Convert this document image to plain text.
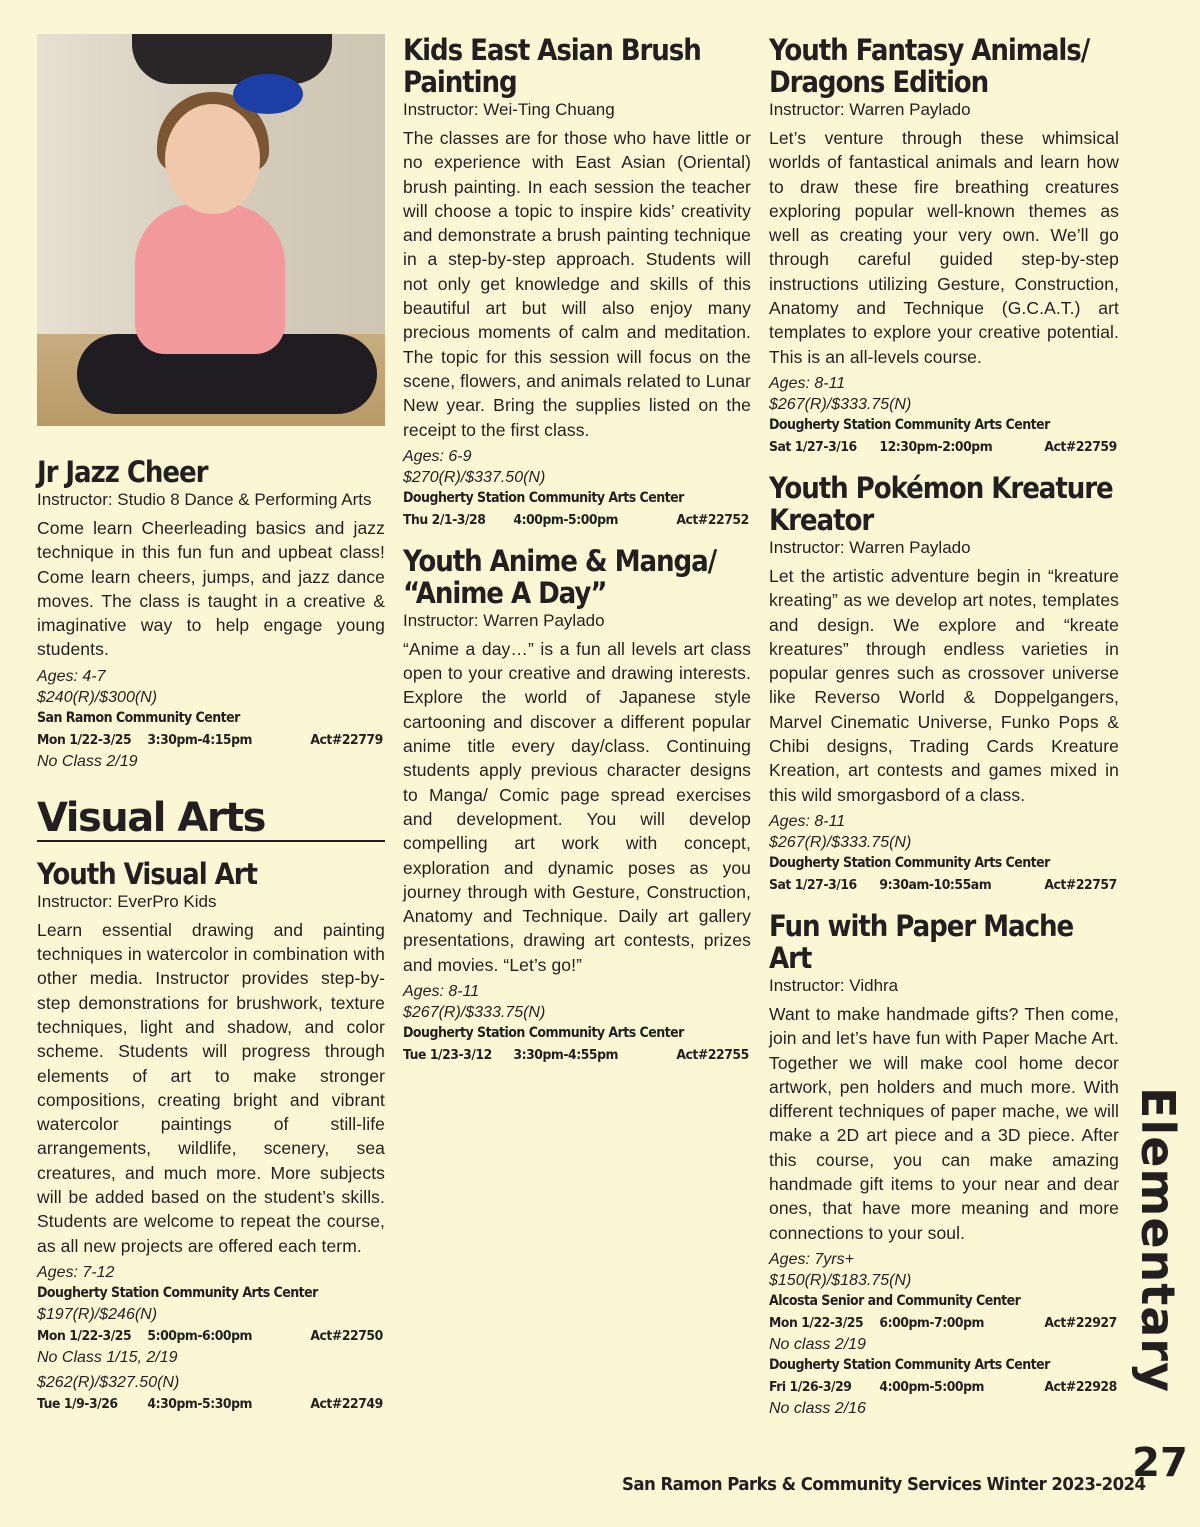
Jr Jazz Cheer
Instructor: Studio 8 Dance & Performing Arts

Come learn Cheerleading basics and jazz technique in this fun fun and upbeat class! Come learn cheers, jumps, and jazz dance moves. The class is taught in a creative & imaginative way to help engage young students.

Ages: 4-7
$240(R)/$300(N)
San Ramon Community Center
Mon 1/22-3/25	3:30pm-4:15pm	Act#22779
No Class 2/19
Visual Arts
Youth Visual Art
Instructor: EverPro Kids

Learn essential drawing and painting techniques in watercolor in combination with other media. Instructor provides step-by-step demonstrations for brushwork, texture techniques, light and shadow, and color scheme. Students will progress through elements of art to make stronger compositions, creating bright and vibrant watercolor paintings of still-life arrangements, wildlife, scenery, sea creatures, and much more. More subjects will be added based on the student’s skills. Students are welcome to repeat the course, as all new projects are offered each term.

Ages: 7-12
Dougherty Station Community Arts Center
$197(R)/$246(N)
Mon 1/22-3/25	5:00pm-6:00pm	Act#22750
No Class 1/15, 2/19
$262(R)/$327.50(N)
Tue 1/9-3/26	4:30pm-5:30pm	Act#22749
Kids East Asian Brush Painting
Instructor: Wei-Ting Chuang

The classes are for those who have little or no experience with East Asian (Oriental) brush painting. In each session the teacher will choose a topic to inspire kids’ creativity and demonstrate a brush painting technique in a step-by-step approach. Students will not only get knowledge and skills of this beautiful art but will also enjoy many precious moments of calm and meditation. The topic for this session will focus on the scene, flowers, and animals related to Lunar New year. Bring the supplies listed on the receipt to the first class.

Ages: 6-9
$270(R)/$337.50(N)
Dougherty Station Community Arts Center
Thu 2/1-3/28	4:00pm-5:00pm	Act#22752
Youth Anime & Manga/ “Anime A Day”
Instructor: Warren Paylado

“Anime a day…” is a fun all levels art class open to your creative and drawing interests. Explore the world of Japanese style cartooning and discover a different popular anime title every day/class. Continuing students apply previous character designs to Manga/ Comic page spread exercises and development. You will develop compelling art work with concept, exploration and dynamic poses as you journey through with Gesture, Construction, Anatomy and Technique. Daily art gallery presentations, drawing art contests, prizes and movies. “Let’s go!”

Ages: 8-11
$267(R)/$333.75(N)
Dougherty Station Community Arts Center
Tue 1/23-3/12	3:30pm-4:55pm	Act#22755
Youth Fantasy Animals/ Dragons Edition
Instructor: Warren Paylado

Let’s venture through these whimsical worlds of fantastical animals and learn how to draw these fire breathing creatures exploring popular well-known themes as well as creating your very own. We’ll go through careful guided step-by-step instructions utilizing Gesture, Construction, Anatomy and Technique (G.C.A.T.) art templates to explore your creative potential. This is an all-levels course.

Ages: 8-11
$267(R)/$333.75(N)
Dougherty Station Community Arts Center
Sat 1/27-3/16	12:30pm-2:00pm	Act#22759
Youth Pokémon Kreature Kreator
Instructor: Warren Paylado

Let the artistic adventure begin in “kreature kreating” as we develop art notes, templates and design. We explore and “kreate kreatures” through endless varieties in popular genres such as crossover universe like Reverso World & Doppelgangers, Marvel Cinematic Universe, Funko Pops & Chibi designs, Trading Cards Kreature Kreation, art contests and games mixed in this wild smorgasbord of a class.

Ages: 8-11
$267(R)/$333.75(N)
Dougherty Station Community Arts Center
Sat 1/27-3/16	9:30am-10:55am	Act#22757
Fun with Paper Mache Art
Instructor: Vidhra

Want to make handmade gifts? Then come, join and let’s have fun with Paper Mache Art. Together we will make cool home decor artwork, pen holders and much more. With different techniques of paper mache, we will make a 2D art piece and a 3D piece. After this course, you can make amazing handmade gift items to your near and dear ones, that have more meaning and more connections to your soul.

Ages: 7yrs+
$150(R)/$183.75(N)
Alcosta Senior and Community Center
Mon 1/22-3/25	6:00pm-7:00pm	Act#22927
No class 2/19
Dougherty Station Community Arts Center
Fri 1/26-3/29	4:00pm-5:00pm	Act#22928
No class 2/16
Elementary
27
San Ramon Parks & Community Services Winter 2023-2024
